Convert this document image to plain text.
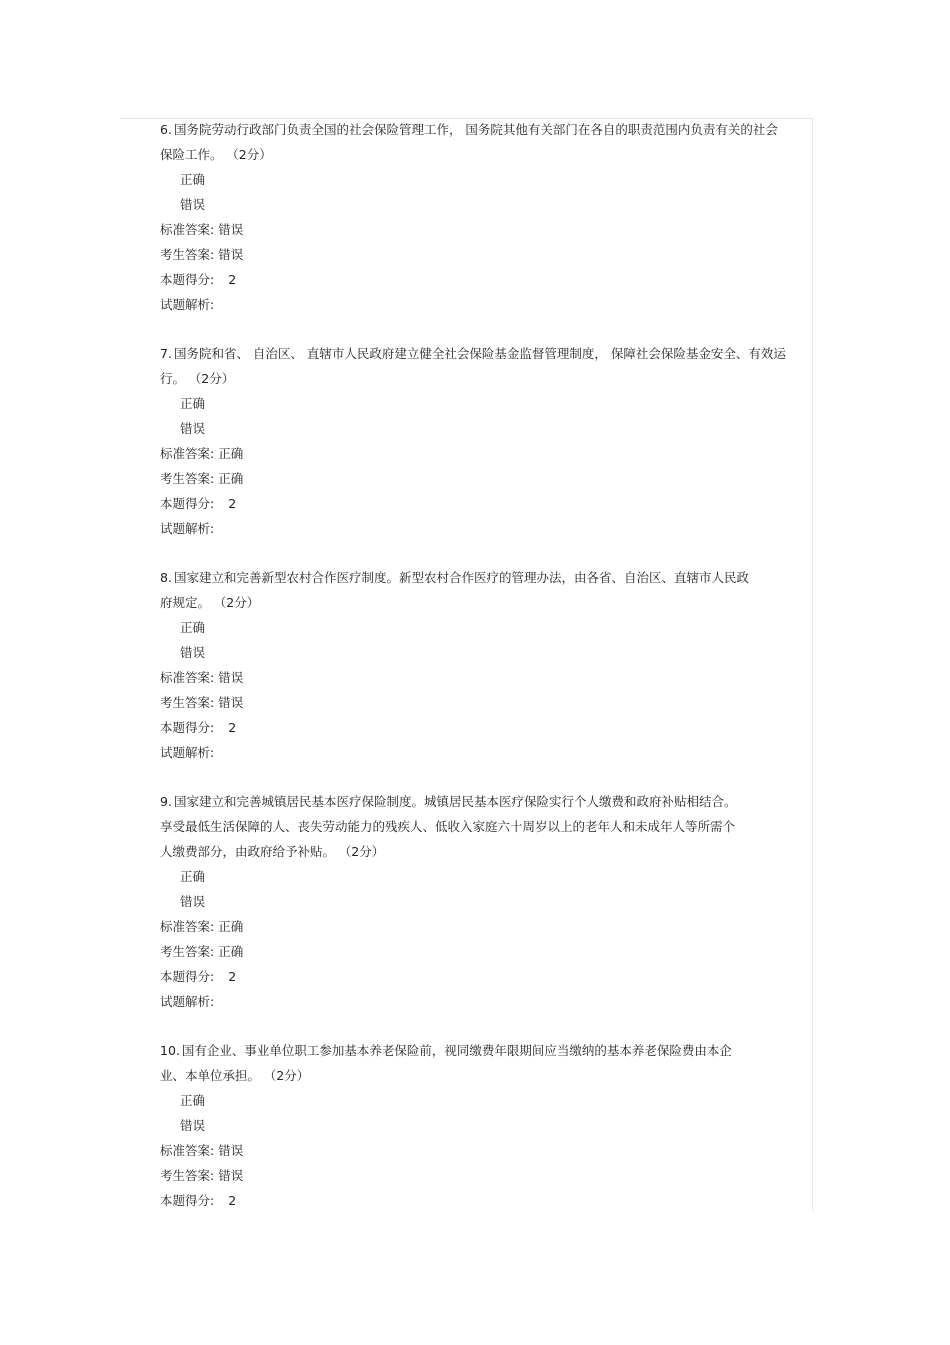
6. 国务院劳动行政部门负责全国的社会保险管理工作， 国务院其他有关部门在各自的职责范围内负责有关的社会保险工作。 （2分）

正确

错误

标准答案: 错误

考生答案: 错误

本题得分: 2

试题解析:

7. 国务院和省、 自治区、 直辖市人民政府建立健全社会保险基金监督管理制度， 保障社会保险基金安全、有效运行。 （2分）

正确

错误

标准答案: 正确

考生答案: 正确

本题得分: 2

试题解析:

8. 国家建立和完善新型农村合作医疗制度。新型农村合作医疗的管理办法，由各省、自治区、直辖市人民政府规定。 （2分）

正确

错误

标准答案: 错误

考生答案: 错误

本题得分: 2

试题解析:

9. 国家建立和完善城镇居民基本医疗保险制度。城镇居民基本医疗保险实行个人缴费和政府补贴相结合。享受最低生活保障的人、丧失劳动能力的残疾人、低收入家庭六十周岁以上的老年人和未成年人等所需个人缴费部分，由政府给予补贴。 （2分）

正确

错误

标准答案: 正确

考生答案: 正确

本题得分: 2

试题解析:

10. 国有企业、事业单位职工参加基本养老保险前，视同缴费年限期间应当缴纳的基本养老保险费由本企业、本单位承担。 （2分）

正确

错误

标准答案: 错误

考生答案: 错误

本题得分: 2
